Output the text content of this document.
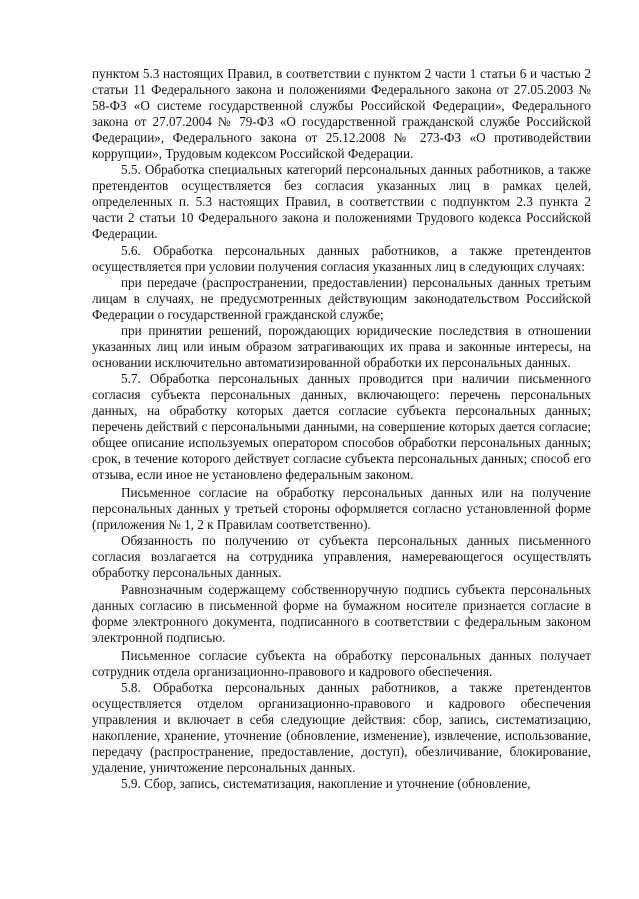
пунктом 5.3 настоящих Правил, в соответствии с пунктом 2 части 1 статьи 6 и частью 2 статьи 11 Федерального закона и положениями Федерального закона от 27.05.2003 № 58-ФЗ «О системе государственной службы Российской Федерации», Федерального закона от 27.07.2004 № 79-ФЗ «О государственной гражданской службе Российской Федерации», Федерального закона от 25.12.2008 № 273-ФЗ «О противодействии коррупции», Трудовым кодексом Российской Федерации.

5.5. Обработка специальных категорий персональных данных работников, а также претендентов осуществляется без согласия указанных лиц в рамках целей, определенных п. 5.3 настоящих Правил, в соответствии с подпунктом 2.3 пункта 2 части 2 статьи 10 Федерального закона и положениями Трудового кодекса Российской Федерации.

5.6. Обработка персональных данных работников, а также претендентов осуществляется при условии получения согласия указанных лиц в следующих случаях:

при передаче (распространении, предоставлении) персональных данных третьим лицам в случаях, не предусмотренных действующим законодательством Российской Федерации о государственной гражданской службе;

при принятии решений, порождающих юридические последствия в отношении указанных лиц или иным образом затрагивающих их права и законные интересы, на основании исключительно автоматизированной обработки их персональных данных.

5.7. Обработка персональных данных проводится при наличии письменного согласия субъекта персональных данных, включающего: перечень персональных данных, на обработку которых дается согласие субъекта персональных данных; перечень действий с персональными данными, на совершение которых дается согласие; общее описание используемых оператором способов обработки персональных данных; срок, в течение которого действует согласие субъекта персональных данных; способ его отзыва, если иное не установлено федеральным законом.

Письменное согласие на обработку персональных данных или на получение персональных данных у третьей стороны оформляется согласно установленной форме (приложения № 1, 2 к Правилам соответственно).

Обязанность по получению от субъекта персональных данных письменного согласия возлагается на сотрудника управления, намеревающегося осуществлять обработку персональных данных.

Равнозначным содержащему собственноручную подпись субъекта персональных данных согласию в письменной форме на бумажном носителе признается согласие в форме электронного документа, подписанного в соответствии с федеральным законом электронной подписью.

Письменное согласие субъекта на обработку персональных данных получает сотрудник отдела организационно-правового и кадрового обеспечения.

5.8. Обработка персональных данных работников, а также претендентов осуществляется отделом организационно-правового и кадрового обеспечения управления и включает в себя следующие действия: сбор, запись, систематизацию, накопление, хранение, уточнение (обновление, изменение), извлечение, использование, передачу (распространение, предоставление, доступ), обезличивание, блокирование, удаление, уничтожение персональных данных.

5.9. Сбор, запись, систематизация, накопление и уточнение (обновление,
